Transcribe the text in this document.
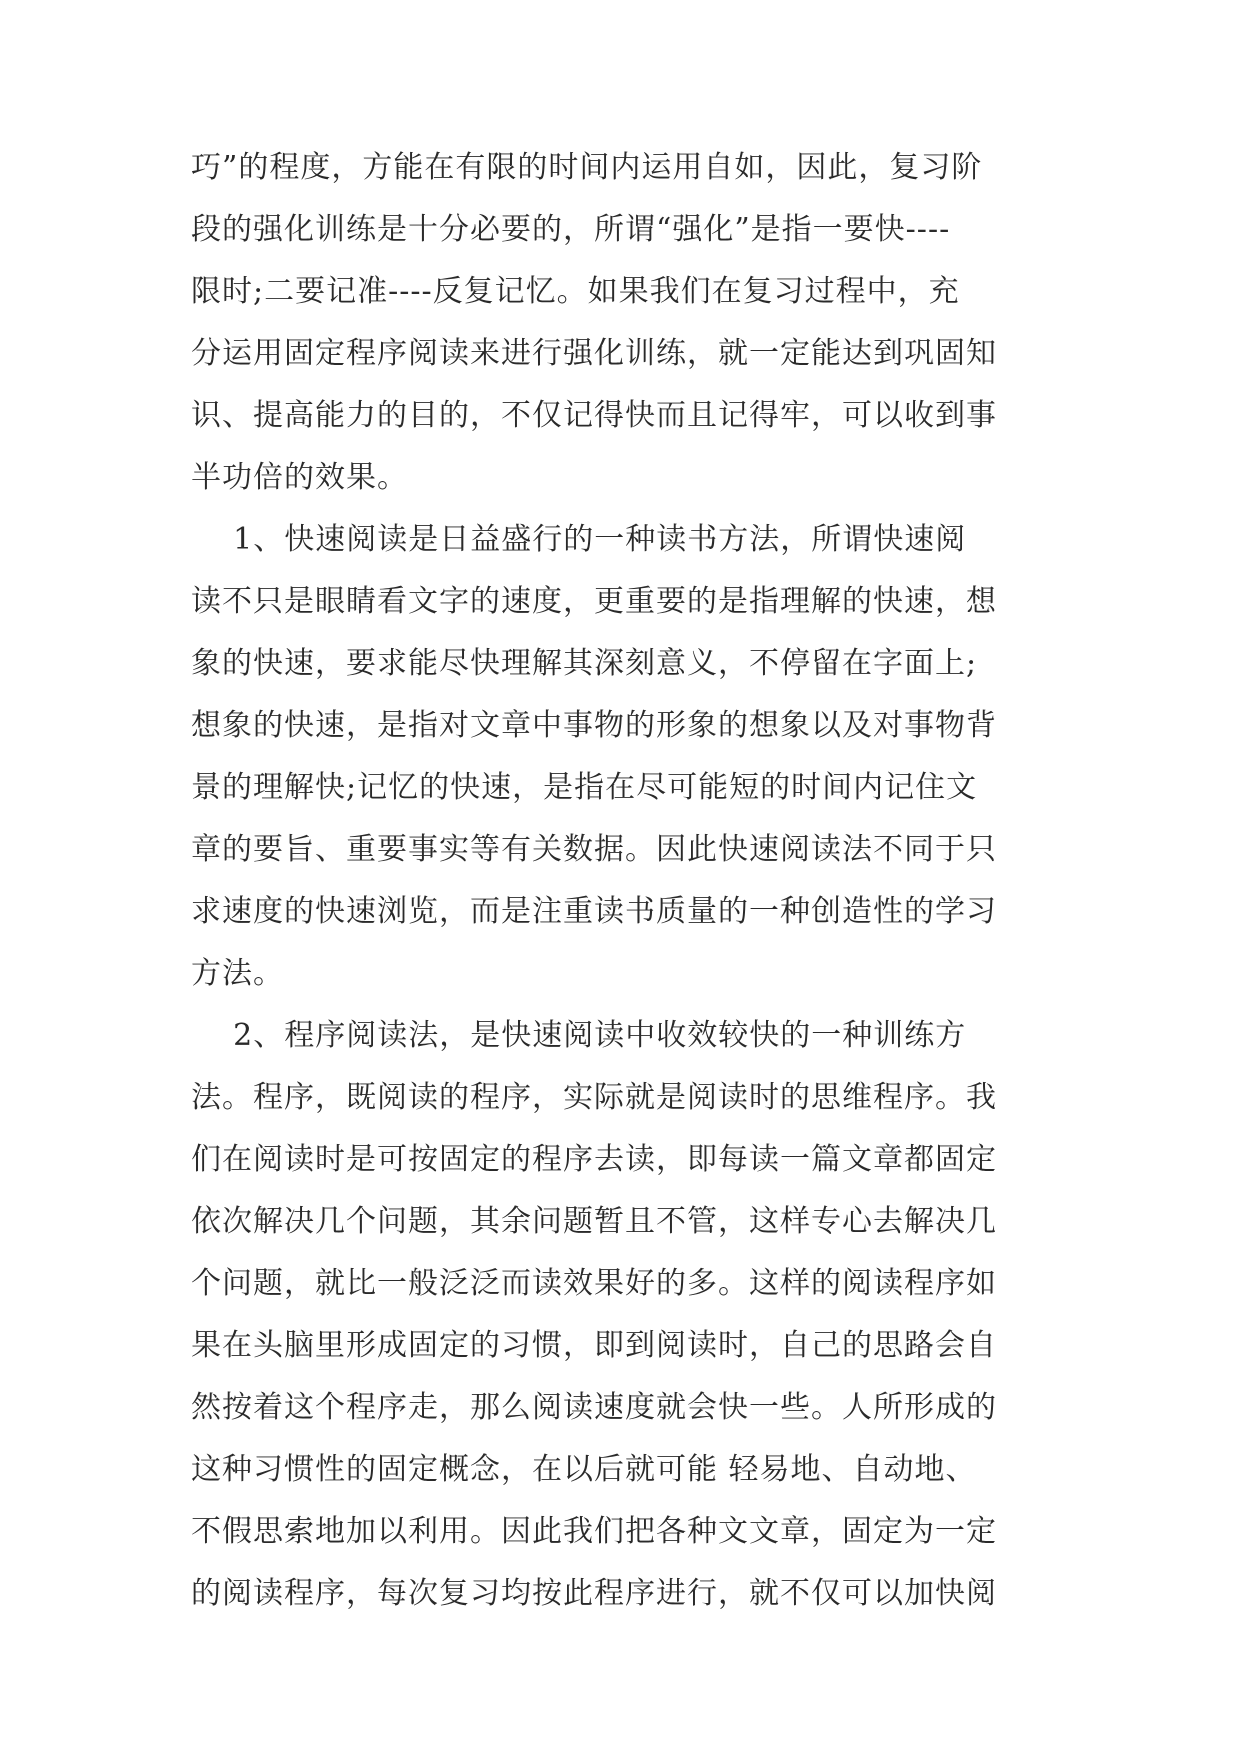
巧”的程度，方能在有限的时间内运用自如，因此，复习阶
段的强化训练是十分必要的，所谓“强化”是指一要快----
限时;二要记准----反复记忆。如果我们在复习过程中，充
分运用固定程序阅读来进行强化训练，就一定能达到巩固知
识、提高能力的目的，不仅记得快而且记得牢，可以收到事
半功倍的效果。
1、快速阅读是日益盛行的一种读书方法，所谓快速阅
读不只是眼睛看文字的速度，更重要的是指理解的快速，想
象的快速，要求能尽快理解其深刻意义，不停留在字面上;
想象的快速，是指对文章中事物的形象的想象以及对事物背
景的理解快;记忆的快速，是指在尽可能短的时间内记住文
章的要旨、重要事实等有关数据。因此快速阅读法不同于只
求速度的快速浏览，而是注重读书质量的一种创造性的学习
方法。
2、程序阅读法，是快速阅读中收效较快的一种训练方
法。程序，既阅读的程序，实际就是阅读时的思维程序。我
们在阅读时是可按固定的程序去读，即每读一篇文章都固定
依次解决几个问题，其余问题暂且不管，这样专心去解决几
个问题，就比一般泛泛而读效果好的多。这样的阅读程序如
果在头脑里形成固定的习惯，即到阅读时，自己的思路会自
然按着这个程序走，那么阅读速度就会快一些。人所形成的
这种习惯性的固定概念，在以后就可能 轻易地、自动地、
不假思索地加以利用。因此我们把各种文文章，固定为一定
的阅读程序，每次复习均按此程序进行，就不仅可以加快阅
